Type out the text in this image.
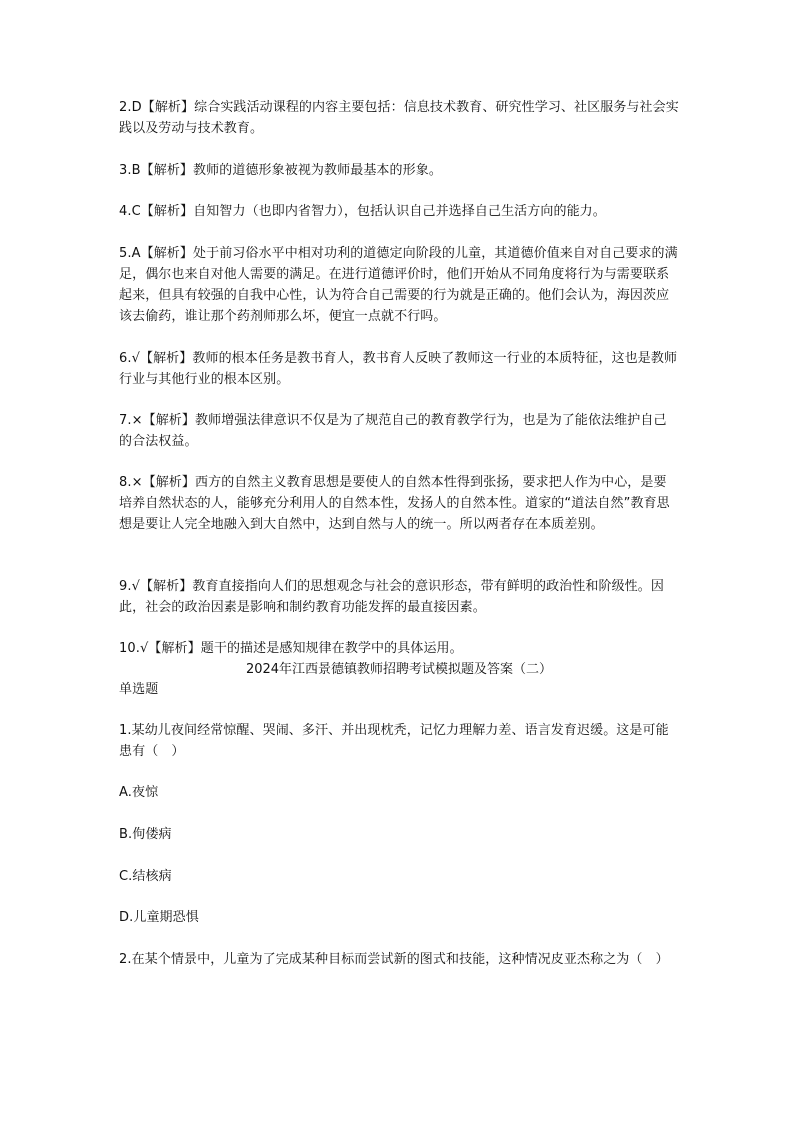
2.D【解析】综合实践活动课程的内容主要包括：信息技术教育、研究性学习、社区服务与社会实践以及劳动与技术教育。

3.B【解析】教师的道德形象被视为教师最基本的形象。

4.C【解析】自知智力（也即内省智力），包括认识自己并选择自己生活方向的能力。

5.A【解析】处于前习俗水平中相对功利的道德定向阶段的儿童，其道德价值来自对自己要求的满足，偶尔也来自对他人需要的满足。在进行道德评价时，他们开始从不同角度将行为与需要联系起来，但具有较强的自我中心性，认为符合自己需要的行为就是正确的。他们会认为，海因茨应该去偷药，谁让那个药剂师那么坏，便宜一点就不行吗。

6.√【解析】教师的根本任务是教书育人，教书育人反映了教师这一行业的本质特征，这也是教师行业与其他行业的根本区别。

7.×【解析】教师增强法律意识不仅是为了规范自己的教育教学行为，也是为了能依法维护自己的合法权益。

8.×【解析】西方的自然主义教育思想是要使人的自然本性得到张扬，要求把人作为中心，是要培养自然状态的人，能够充分利用人的自然本性，发扬人的自然本性。道家的“道法自然”教育思想是要让人完全地融入到大自然中，达到自然与人的统一。所以两者存在本质差别。

9.√【解析】教育直接指向人们的思想观念与社会的意识形态，带有鲜明的政治性和阶级性。因此，社会的政治因素是影响和制约教育功能发挥的最直接因素。

10.√【解析】题干的描述是感知规律在教学中的具体运用。

2024年江西景德镇教师招聘考试模拟题及答案（二）

单选题

1.某幼儿夜间经常惊醒、哭闹、多汗、并出现枕秃，记忆力理解力差、语言发育迟缓。这是可能患有（　）

A.夜惊

B.佝偻病

C.结核病

D.儿童期恐惧

2.在某个情景中，儿童为了完成某种目标而尝试新的图式和技能，这种情况皮亚杰称之为（　）
